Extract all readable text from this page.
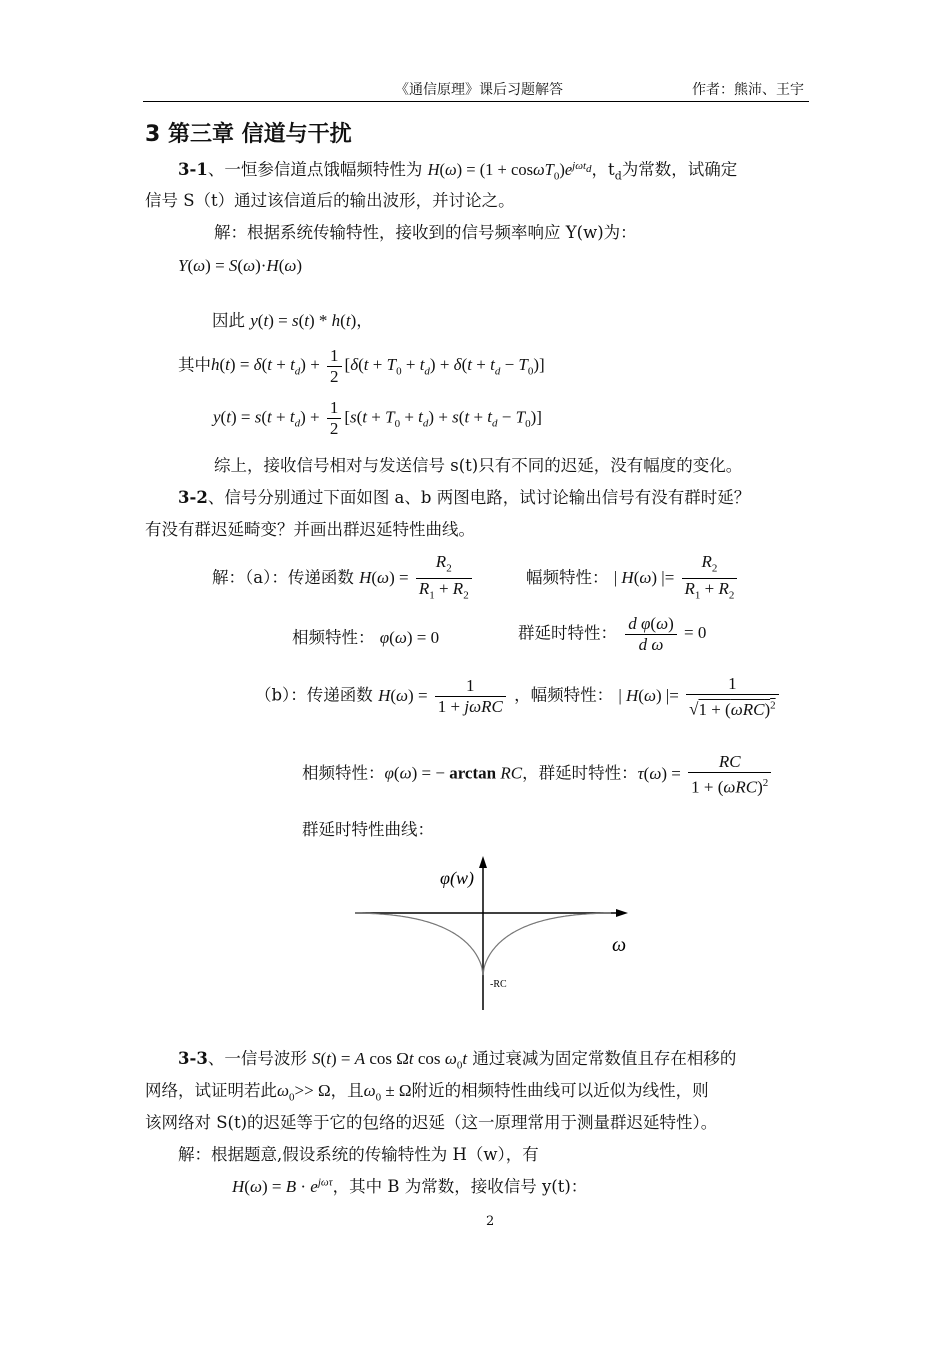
《通信原理》课后习题解答	作者：熊沛、王宇
3 第三章 信道与干扰
3-1、一恒参信道点饿幅频特性为 $H(\omega) = (1 + \cos\omega T_0)e^{j\omega t_d}$，$t_d$为常数，试确定
信号 S（t）通过该信道后的输出波形，并讨论之。
解：根据系统传输特性，接收到的信号频率响应 Y(w)为：
Y(ω) = S(ω)·H(ω)
因此 y(t) = s(t) * h(t)，
其中$h(t) = \delta(t + t_d) + \frac{1}{2} [\delta(t + T_0 + t_d) + \delta(t + t_d - T_0)]$
$y(t) = s(t + t_d) + \frac{1}{2} [s(t + T_0 + t_d) + s(t + t_d - T_0)]$
综上，接收信号相对与发送信号 s(t)只有不同的迟延，没有幅度的变化。
3-2、信号分别通过下面如图 a、b 两图电路，试讨论输出信号有没有群时延？
有没有群迟延畸变？并画出群迟延特性曲线。
解：（a）：传递函数 $H(\omega) = \frac{R_2}{R_1 + R_2}$	幅频特性： | H(ω) |= $\frac{R_2}{R_1 + R_2}$
相频特性： φ(ω) = 0	群延时特性： $\frac{\text{d φ(ω)}}{\text{d ω}} = 0$
（b）：传递函数 $H(\omega) = \frac{1}{\text{1 + jωRC}}$ ，幅频特性： | H(ω) |= $\frac{1}{√1 + (\omega RC)^2}$
相频特性：φ(ω) = − arctan RC，群延时特性：$\tau(\omega) = \frac{RC}{1 + (\omega RC)^2}$
群延时特性曲线：
φ(w)
ω
-RC
3-3、一信号波形 S(t) = A cos Ωt $\cos \omega_0t$ 通过衰减为固定常数值且存在相移的
网络，试证明若此$\omega_0>> \Omega$，且$\omega_0 \pm \Omega$附近的相频特性曲线可以近似为线性，则
该网络对 S(t)的迟延等于它的包络的迟延（这一原理常用于测量群迟延特性）。
解：根据题意,假设系统的传输特性为 H（w），有
$H(\omega) = B \cdot e^{j\omega\tau}$，其中 B 为常数，接收信号 y(t)：
2
